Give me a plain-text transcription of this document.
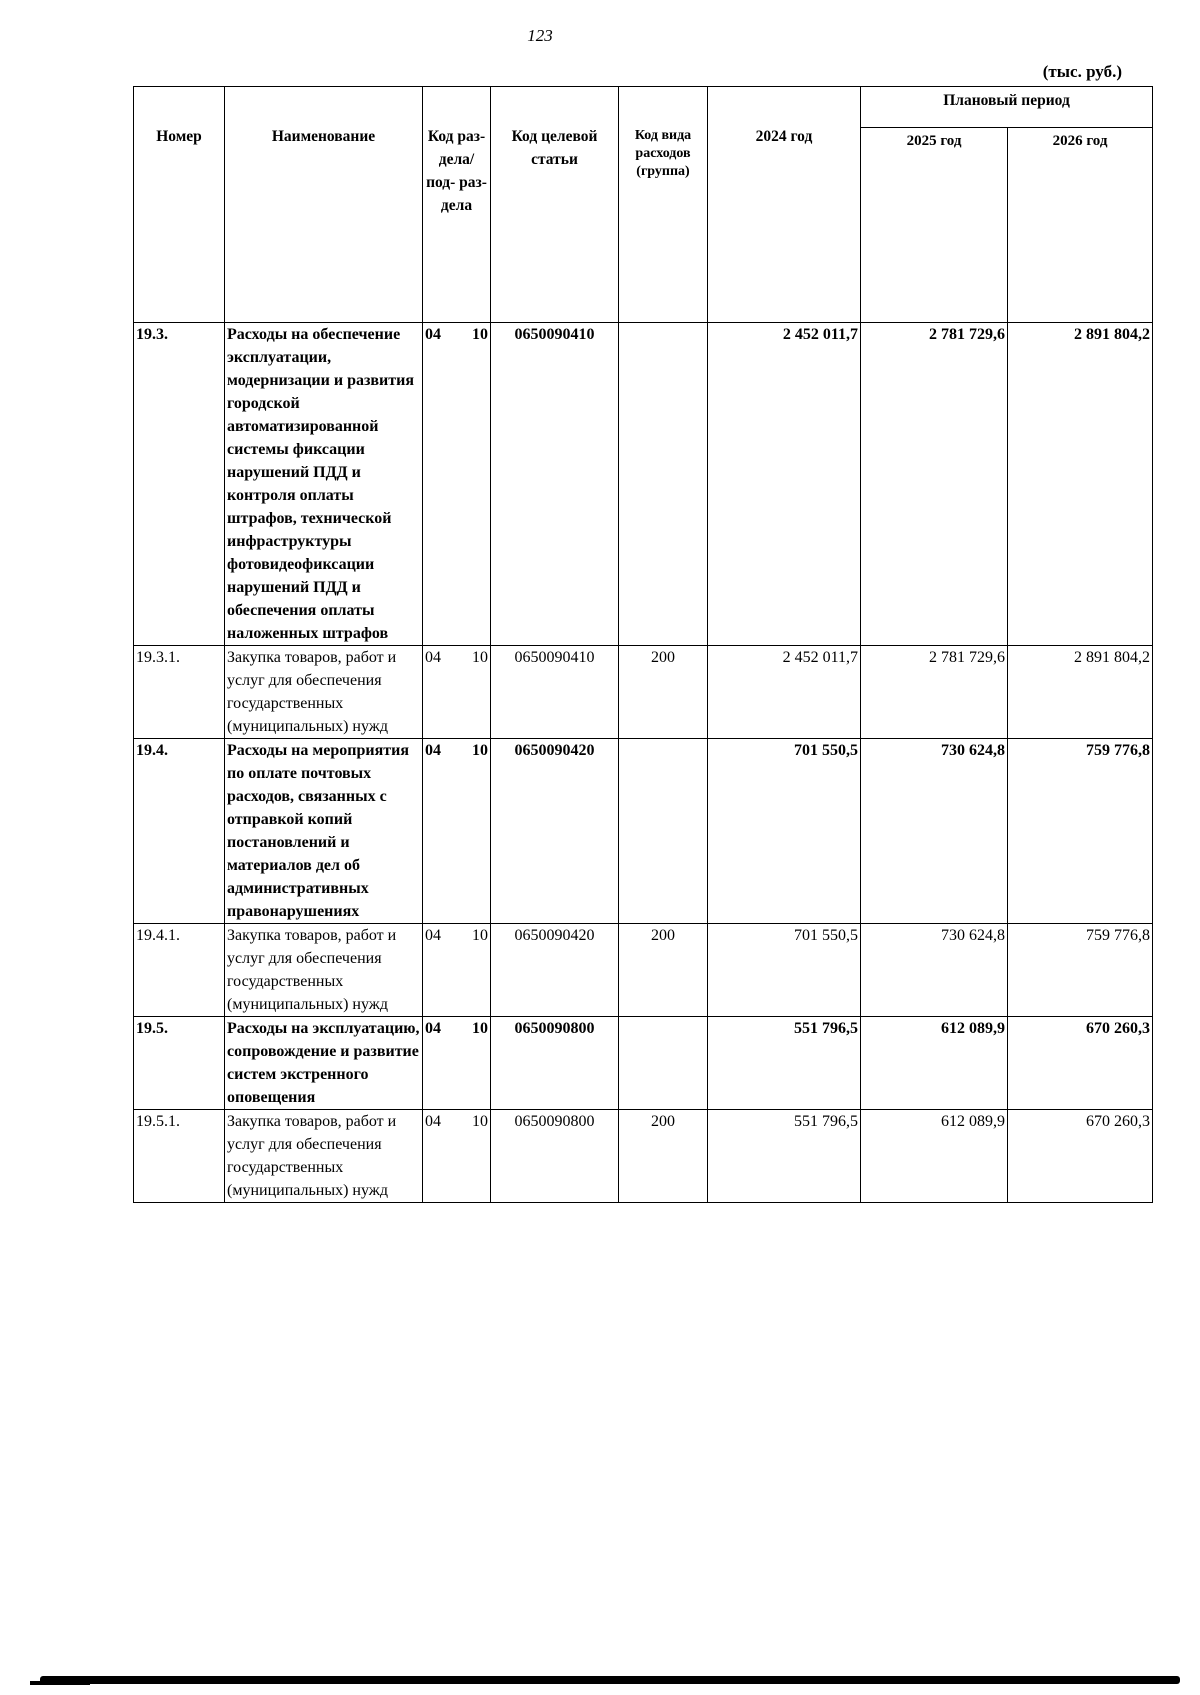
123
(тыс. руб.)
Номер	Наименование	Код раз- дела/ под- раз- дела	Код целевой статьи	Код вида расходов (группа)	2024 год	Плановый период	
						2025 год	2026 год
19.3.	Расходы на обеспечение эксплуатации, модернизации и развития городской автоматизированной системы фиксации нарушений ПДД и контроля оплаты штрафов, технической инфраструктуры фотовидеофиксации нарушений ПДД и обеспечения оплаты наложенных штрафов	04 10	0650090410		2 452 011,7	2 781 729,6	2 891 804,2
19.3.1.	Закупка товаров, работ и услуг для обеспечения государственных (муниципальных) нужд	04 10	0650090410	200	2 452 011,7	2 781 729,6	2 891 804,2
19.4.	Расходы на мероприятия по оплате почтовых расходов, связанных с отправкой копий постановлений и материалов дел об административных правонарушениях	04 10	0650090420		701 550,5	730 624,8	759 776,8
19.4.1.	Закупка товаров, работ и услуг для обеспечения государственных (муниципальных) нужд	04 10	0650090420	200	701 550,5	730 624,8	759 776,8
19.5.	Расходы на эксплуатацию, сопровождение и развитие систем экстренного оповещения	04 10	0650090800		551 796,5	612 089,9	670 260,3
19.5.1.	Закупка товаров, работ и услуг для обеспечения государственных (муниципальных) нужд	04 10	0650090800	200	551 796,5	612 089,9	670 260,3
